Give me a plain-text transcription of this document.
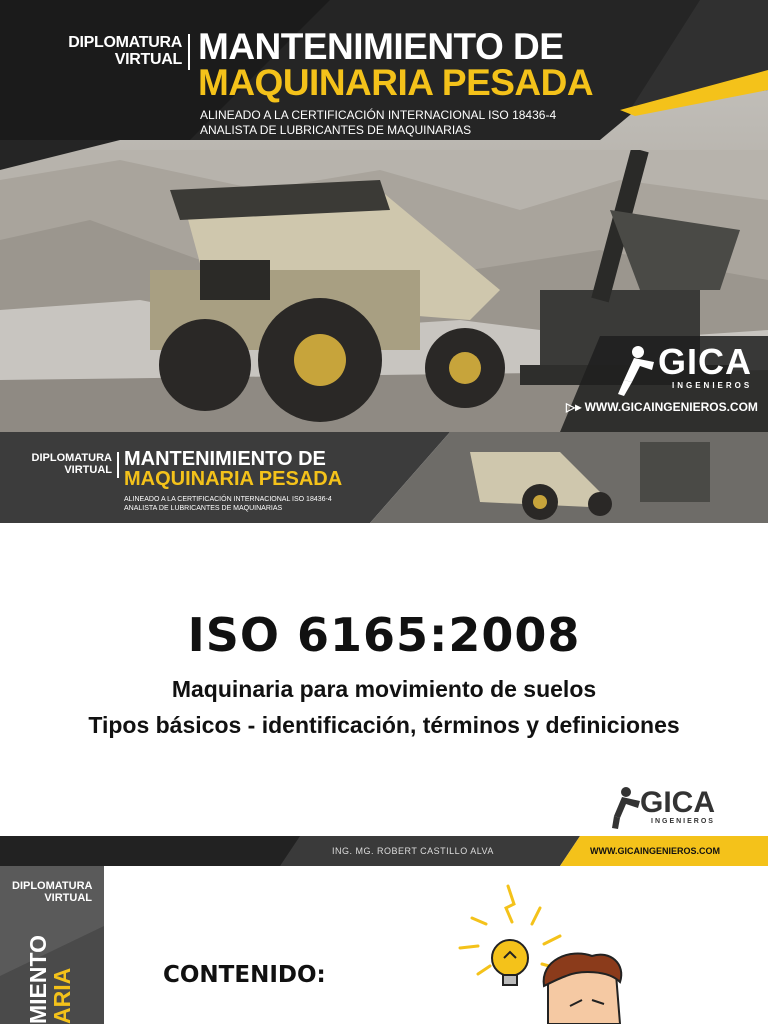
DIPLOMATURA
VIRTUAL MANTENIMIENTO DE
MAQUINARIA PESADA
ALINEADO A LA CERTIFICACIÓN INTERNACIONAL ISO 18436-4
ANALISTA DE LUBRICANTES DE MAQUINARIAS
GICA
INGENIEROS
▷▸ WWW.GICAINGENIEROS.COM
DIPLOMATURA
VIRTUAL MANTENIMIENTO DE
MAQUINARIA PESADA
ALINEADO A LA CERTIFICACIÓN INTERNACIONAL ISO 18436-4
ANALISTA DE LUBRICANTES DE MAQUINARIAS
ISO 6165:2008
Maquinaria para movimiento de suelos
Tipos básicos - identificación, términos y definiciones
GICA
INGENIEROS
ING. MG. ROBERT CASTILLO ALVA	WWW.GICAINGENIEROS.COM
DIPLOMATURA
VIRTUAL
MIENTO
ARIA	CONTENIDO:
